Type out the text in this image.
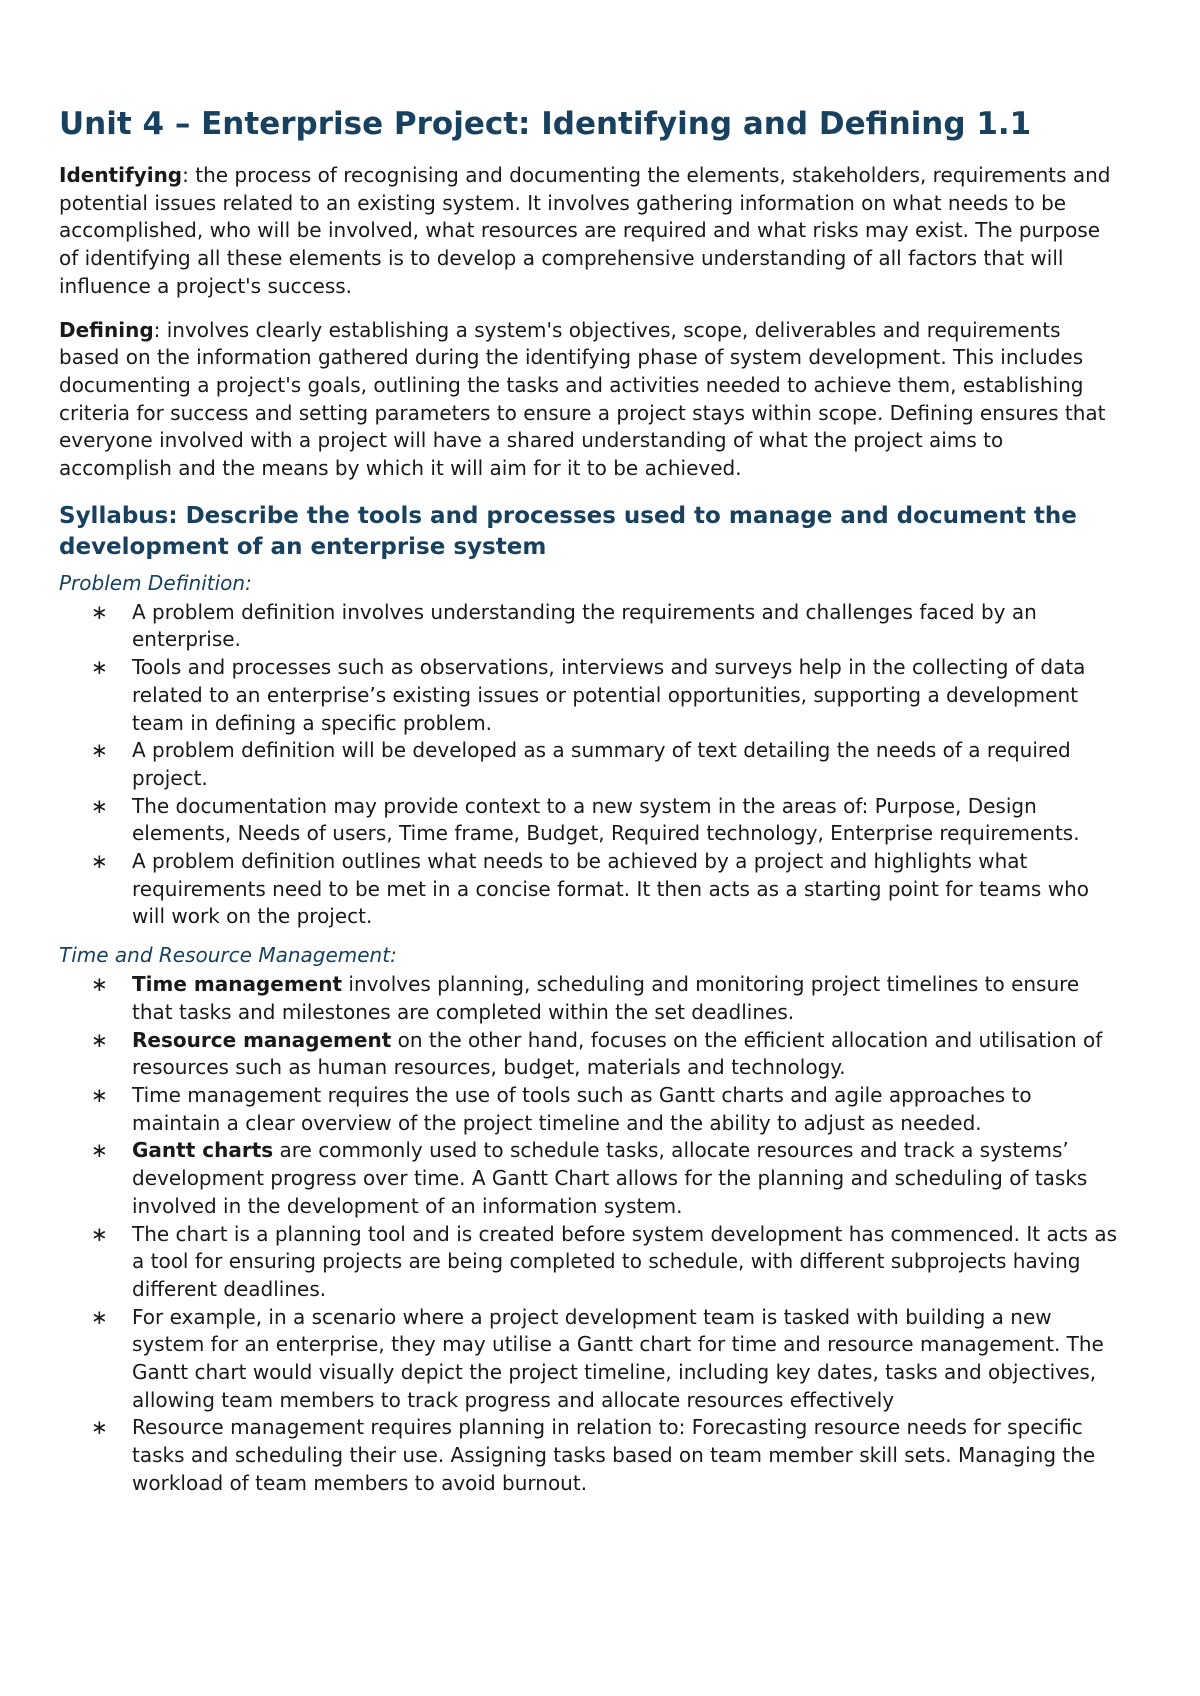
Unit 4 – Enterprise Project: Identifying and Defining 1.1

Identifying: the process of recognising and documenting the elements, stakeholders, requirements and potential issues related to an existing system. It involves gathering information on what needs to be accomplished, who will be involved, what resources are required and what risks may exist. The purpose of identifying all these elements is to develop a comprehensive understanding of all factors that will influence a project's success.

Defining: involves clearly establishing a system's objectives, scope, deliverables and requirements based on the information gathered during the identifying phase of system development. This includes documenting a project's goals, outlining the tasks and activities needed to achieve them, establishing criteria for success and setting parameters to ensure a project stays within scope. Defining ensures that everyone involved with a project will have a shared understanding of what the project aims to accomplish and the means by which it will aim for it to be achieved.

Syllabus: Describe the tools and processes used to manage and document the development of an enterprise system
Problem Definition:
∗ A problem definition involves understanding the requirements and challenges faced by an enterprise.
∗ Tools and processes such as observations, interviews and surveys help in the collecting of data related to an enterprise’s existing issues or potential opportunities, supporting a development team in defining a specific problem.
∗ A problem definition will be developed as a summary of text detailing the needs of a required project.
∗ The documentation may provide context to a new system in the areas of: Purpose, Design elements, Needs of users, Time frame, Budget, Required technology, Enterprise requirements.
∗ A problem definition outlines what needs to be achieved by a project and highlights what requirements need to be met in a concise format. It then acts as a starting point for teams who will work on the project.
Time and Resource Management:
∗ Time management involves planning, scheduling and monitoring project timelines to ensure that tasks and milestones are completed within the set deadlines.
∗ Resource management on the other hand, focuses on the efficient allocation and utilisation of resources such as human resources, budget, materials and technology.
∗ Time management requires the use of tools such as Gantt charts and agile approaches to maintain a clear overview of the project timeline and the ability to adjust as needed.
∗ Gantt charts are commonly used to schedule tasks, allocate resources and track a systems’ development progress over time. A Gantt Chart allows for the planning and scheduling of tasks involved in the development of an information system.
∗ The chart is a planning tool and is created before system development has commenced. It acts as a tool for ensuring projects are being completed to schedule, with different subprojects having different deadlines.
∗ For example, in a scenario where a project development team is tasked with building a new system for an enterprise, they may utilise a Gantt chart for time and resource management. The Gantt chart would visually depict the project timeline, including key dates, tasks and objectives, allowing team members to track progress and allocate resources effectively
∗ Resource management requires planning in relation to: Forecasting resource needs for specific tasks and scheduling their use. Assigning tasks based on team member skill sets. Managing the workload of team members to avoid burnout.
